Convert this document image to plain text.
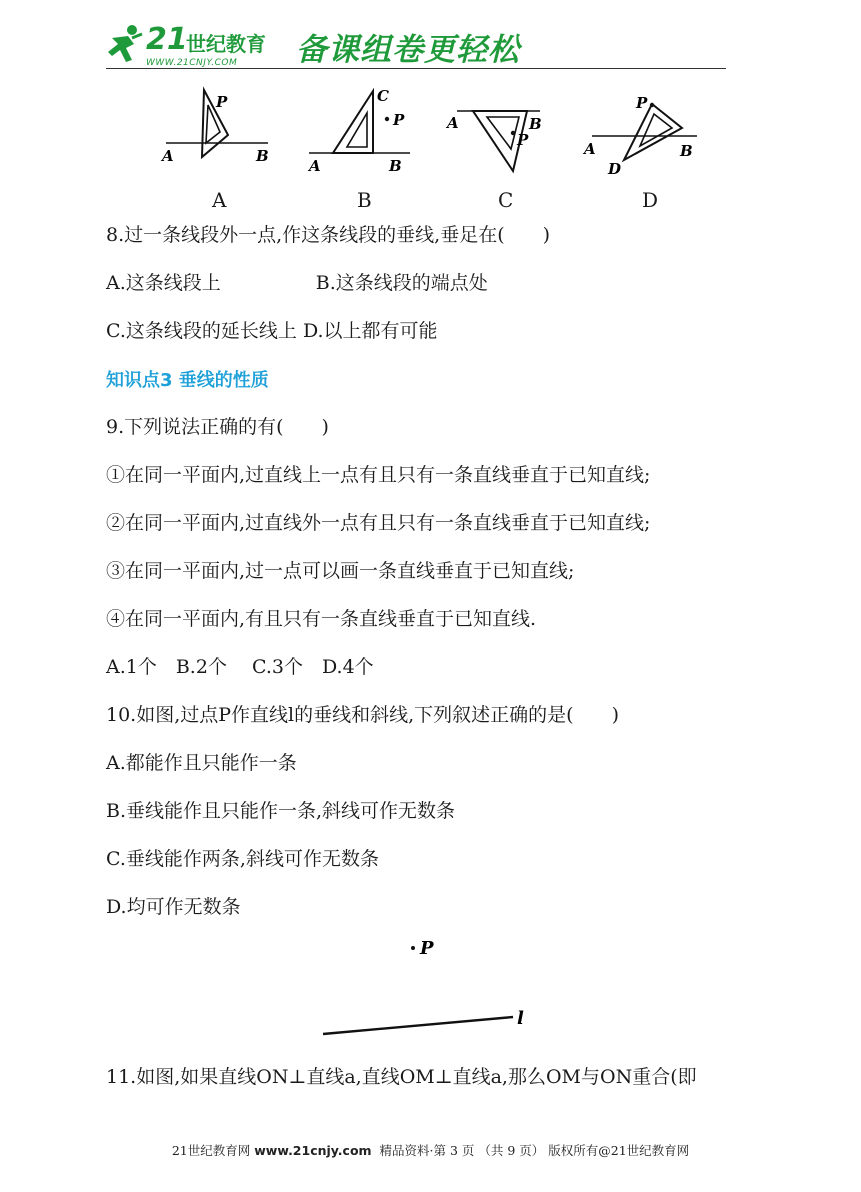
21
世纪教育
WWW.21CNJY.COM 备课组卷更轻松
P
A	B
A
C
P
A	B
B
A	B
P
C
P
A	B
D
D
8.过一条线段外一点,作这条线段的垂线,垂足在(　　)
A.这条线段上　　　　　B.这条线段的端点处
C.这条线段的延长线上 D.以上都有可能
知识点3 垂线的性质
9.下列说法正确的有(　　)
①在同一平面内,过直线上一点有且只有一条直线垂直于已知直线;
②在同一平面内,过直线外一点有且只有一条直线垂直于已知直线;
③在同一平面内,过一点可以画一条直线垂直于已知直线;
④在同一平面内,有且只有一条直线垂直于已知直线.
A.1个　B.2个　 C.3个　D.4个
10.如图,过点P作直线l的垂线和斜线,下列叙述正确的是(　　)
A.都能作且只能作一条
B.垂线能作且只能作一条,斜线可作无数条
C.垂线能作两条,斜线可作无数条
D.均可作无数条
P
l
11.如图,如果直线ON⊥直线a,直线OM⊥直线a,那么OM与ON重合(即
21世纪教育网 www.21cnjy.com 精品资料·第 3 页 （共 9 页） 版权所有@21世纪教育网
